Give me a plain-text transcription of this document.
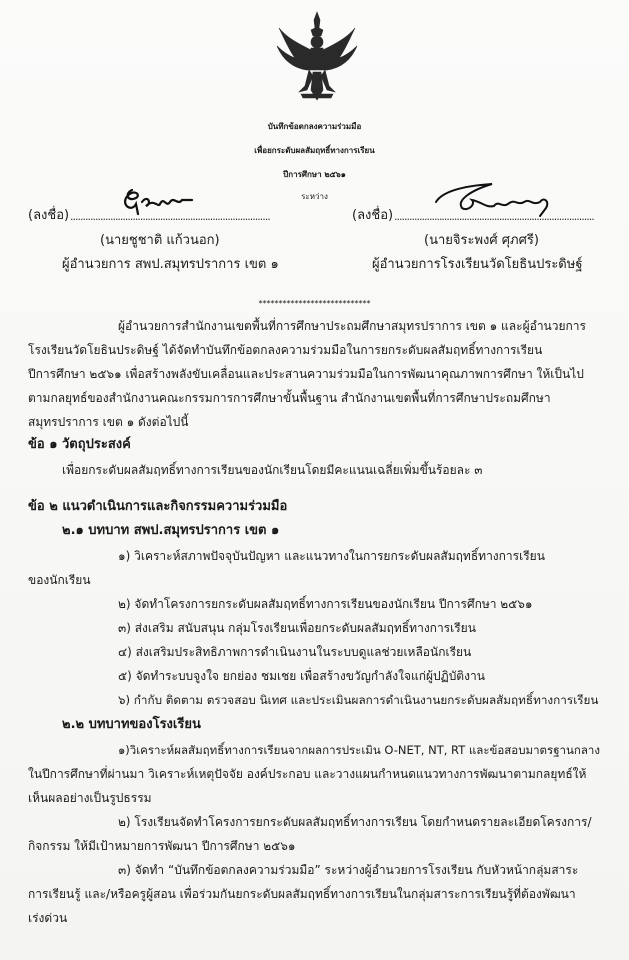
บันทึกข้อตกลงความร่วมมือ
เพื่อยกระดับผลสัมฤทธิ์ทางการเรียน
ปีการศึกษา ๒๕๖๑
ระหว่าง
(ลงชื่อ) ................................................................................
(นายชูชาติ แก้วนอก)
ผู้อำนวยการ สพป.สมุทรปราการ เขต ๑
(ลงชื่อ) ................................................................................
(นายจิระพงศ์ ศุภศรี)
ผู้อำนวยการโรงเรียนวัดโยธินประดิษฐ์
****************************
ผู้อำนวยการสำนักงานเขตพื้นที่การศึกษาประถมศึกษาสมุทรปราการ เขต ๑ และผู้อำนวยการ
โรงเรียนวัดโยธินประดิษฐ์ ได้จัดทำบันทึกข้อตกลงความร่วมมือในการยกระดับผลสัมฤทธิ์ทางการเรียน
ปีการศึกษา ๒๕๖๑ เพื่อสร้างพลังขับเคลื่อนและประสานความร่วมมือในการพัฒนาคุณภาพการศึกษา ให้เป็นไป
ตามกลยุทธ์ของสำนักงานคณะกรรมการการศึกษาขั้นพื้นฐาน สำนักงานเขตพื้นที่การศึกษาประถมศึกษา
สมุทรปราการ เขต ๑ ดังต่อไปนี้
ข้อ ๑ วัตถุประสงค์
เพื่อยกระดับผลสัมฤทธิ์ทางการเรียนของนักเรียนโดยมีคะแนนเฉลี่ยเพิ่มขึ้นร้อยละ ๓
ข้อ ๒ แนวดำเนินการและกิจกรรมความร่วมมือ
๒.๑ บทบาท สพป.สมุทรปราการ เขต ๑
๑) วิเคราะห์สภาพปัจจุบันปัญหา และแนวทางในการยกระดับผลสัมฤทธิ์ทางการเรียน
ของนักเรียน
๒) จัดทำโครงการยกระดับผลสัมฤทธิ์ทางการเรียนของนักเรียน ปีการศึกษา ๒๕๖๑
๓) ส่งเสริม สนับสนุน กลุ่มโรงเรียนเพื่อยกระดับผลสัมฤทธิ์ทางการเรียน
๔) ส่งเสริมประสิทธิภาพการดำเนินงานในระบบดูแลช่วยเหลือนักเรียน
๕) จัดทำระบบจูงใจ ยกย่อง ชมเชย เพื่อสร้างขวัญกำลังใจแก่ผู้ปฏิบัติงาน
๖) กำกับ ติดตาม ตรวจสอบ นิเทศ และประเมินผลการดำเนินงานยกระดับผลสัมฤทธิ์ทางการเรียน
๒.๒ บทบาทของโรงเรียน
๑)วิเคราะห์ผลสัมฤทธิ์ทางการเรียนจากผลการประเมิน O-NET, NT, RT และข้อสอบมาตรฐานกลาง
ในปีการศึกษาที่ผ่านมา วิเคราะห์เหตุปัจจัย องค์ประกอบ และวางแผนกำหนดแนวทางการพัฒนาตามกลยุทธ์ให้
เห็นผลอย่างเป็นรูปธรรม
๒) โรงเรียนจัดทำโครงการยกระดับผลสัมฤทธิ์ทางการเรียน โดยกำหนดรายละเอียดโครงการ/
กิจกรรม ให้มีเป้าหมายการพัฒนา ปีการศึกษา ๒๕๖๑
๓) จัดทำ “บันทึกข้อตกลงความร่วมมือ” ระหว่างผู้อำนวยการโรงเรียน กับหัวหน้ากลุ่มสาระ
การเรียนรู้ และ/หรือครูผู้สอน เพื่อร่วมกันยกระดับผลสัมฤทธิ์ทางการเรียนในกลุ่มสาระการเรียนรู้ที่ต้องพัฒนา
เร่งด่วน
